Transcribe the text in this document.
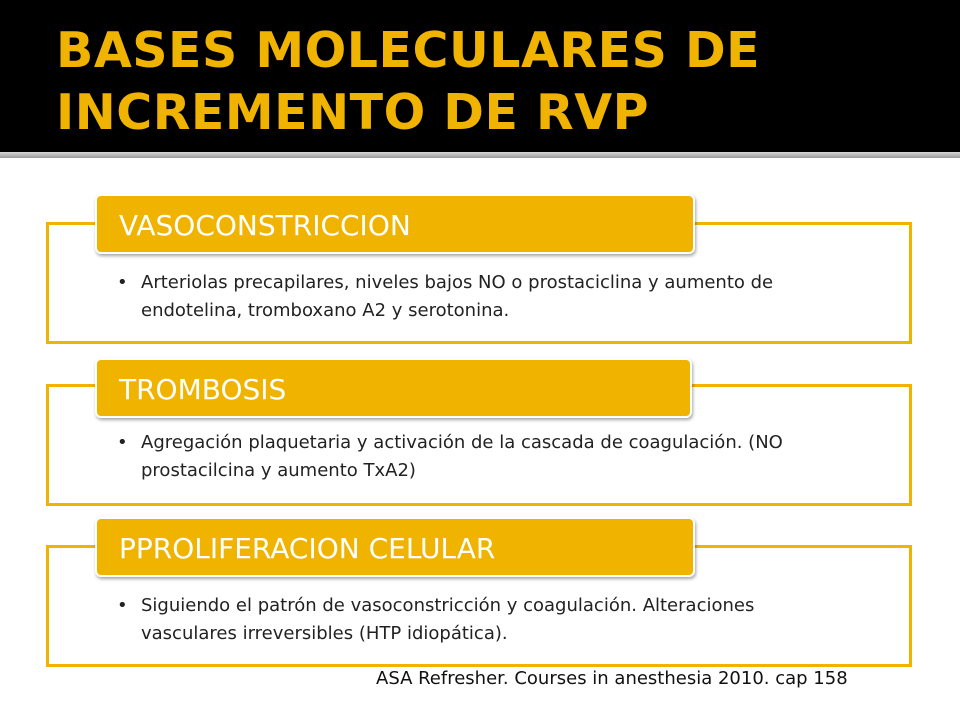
BASES MOLECULARES DE INCREMENTO DE RVP
• Arteriolas precapilares, niveles bajos NO o prostaciclina y aumento de endotelina, tromboxano A2 y serotonina.
VASOCONSTRICCION
• Agregación plaquetaria y activación de la cascada de coagulación. (NO prostacilcina y aumento TxA2)
TROMBOSIS
• Siguiendo el patrón de vasoconstricción y coagulación. Alteraciones vasculares irreversibles (HTP idiopática).
PPROLIFERACION CELULAR
ASA Refresher. Courses in anesthesia 2010. cap 158
